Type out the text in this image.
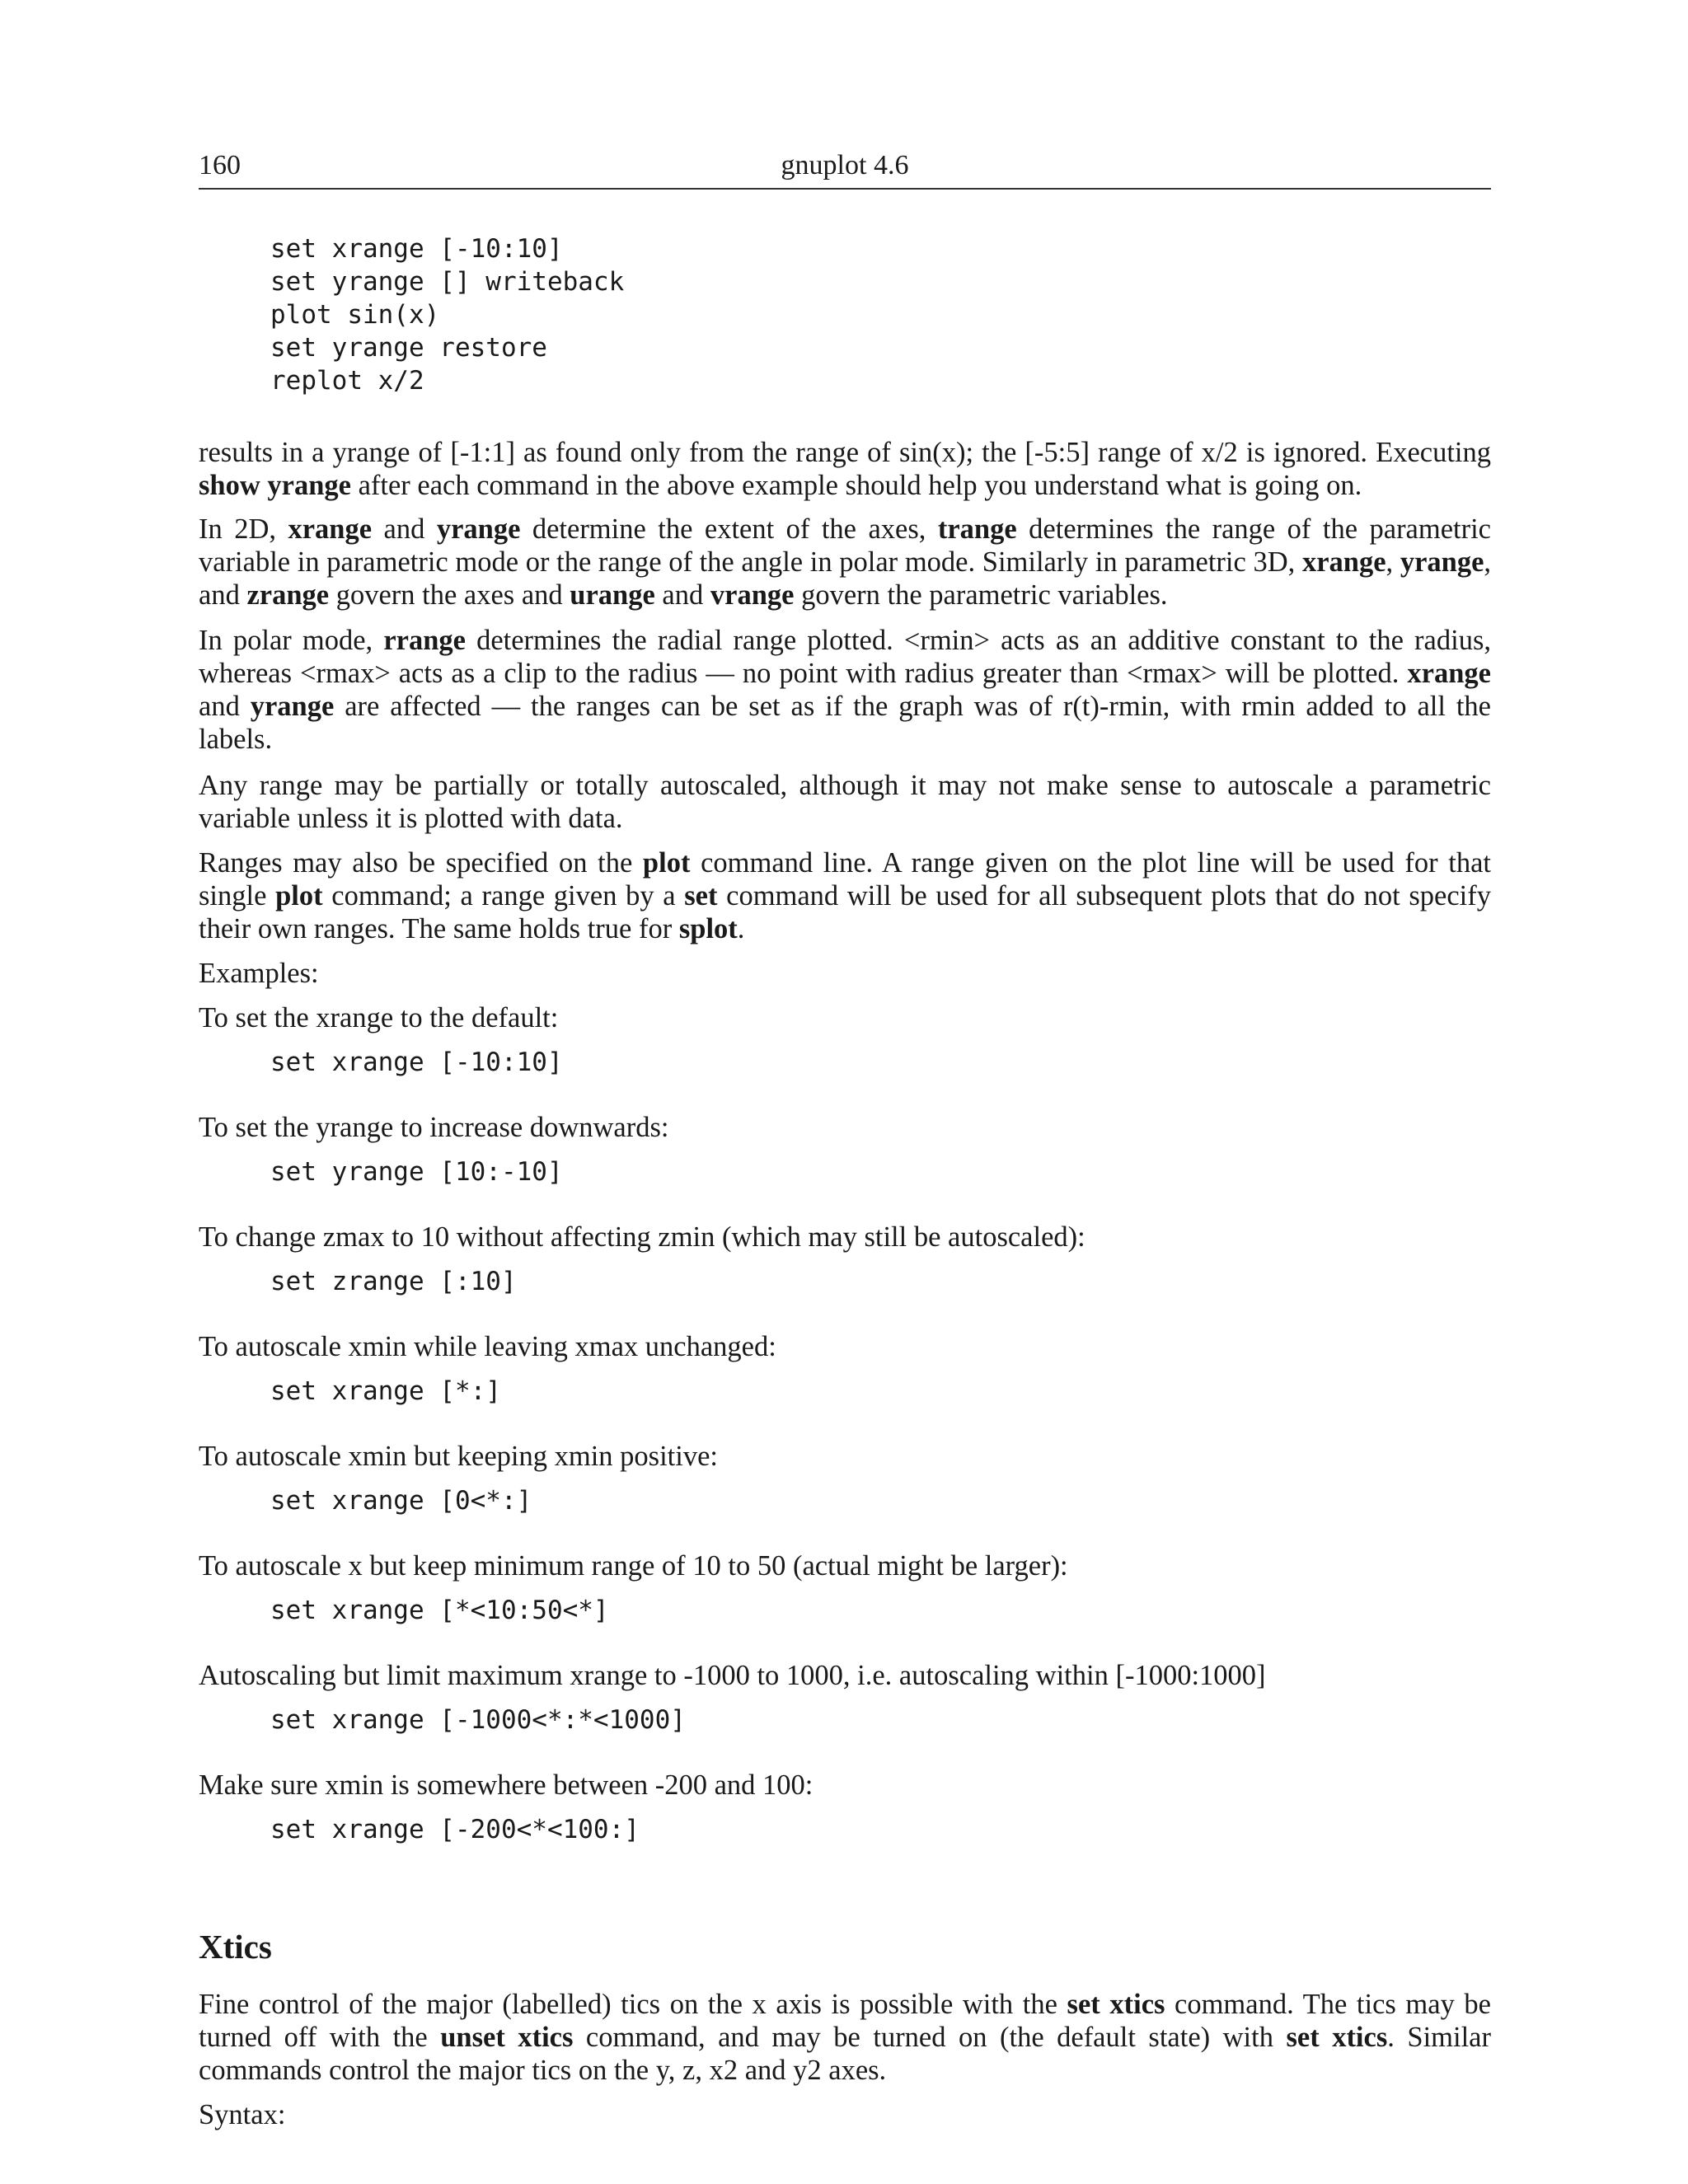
160	gnuplot 4.6
set xrange [-10:10]
set yrange [] writeback
plot sin(x)
set yrange restore
replot x/2

results in a yrange of [-1:1] as found only from the range of sin(x); the [-5:5] range of x/2 is ignored. Executing show yrange after each command in the above example should help you understand what is going on.

In 2D, xrange and yrange determine the extent of the axes, trange determines the range of the parametric variable in parametric mode or the range of the angle in polar mode. Similarly in parametric 3D, xrange, yrange, and zrange govern the axes and urange and vrange govern the parametric variables.

In polar mode, rrange determines the radial range plotted. <rmin> acts as an additive constant to the radius, whereas <rmax> acts as a clip to the radius — no point with radius greater than <rmax> will be plotted. xrange and yrange are affected — the ranges can be set as if the graph was of r(t)-rmin, with rmin added to all the labels.

Any range may be partially or totally autoscaled, although it may not make sense to autoscale a parametric variable unless it is plotted with data.

Ranges may also be specified on the plot command line. A range given on the plot line will be used for that single plot command; a range given by a set command will be used for all subsequent plots that do not specify their own ranges. The same holds true for splot.

Examples:

To set the xrange to the default:

set xrange [-10:10]

To set the yrange to increase downwards:

set yrange [10:-10]

To change zmax to 10 without affecting zmin (which may still be autoscaled):

set zrange [:10]

To autoscale xmin while leaving xmax unchanged:

set xrange [*:]

To autoscale xmin but keeping xmin positive:

set xrange [0<*:]

To autoscale x but keep minimum range of 10 to 50 (actual might be larger):

set xrange [*<10:50<*]

Autoscaling but limit maximum xrange to -1000 to 1000, i.e. autoscaling within [-1000:1000]

set xrange [-1000<*:*<1000]

Make sure xmin is somewhere between -200 and 100:

set xrange [-200<*<100:]
Xtics

Fine control of the major (labelled) tics on the x axis is possible with the set xtics command. The tics may be turned off with the unset xtics command, and may be turned on (the default state) with set xtics. Similar commands control the major tics on the y, z, x2 and y2 axes.

Syntax:
